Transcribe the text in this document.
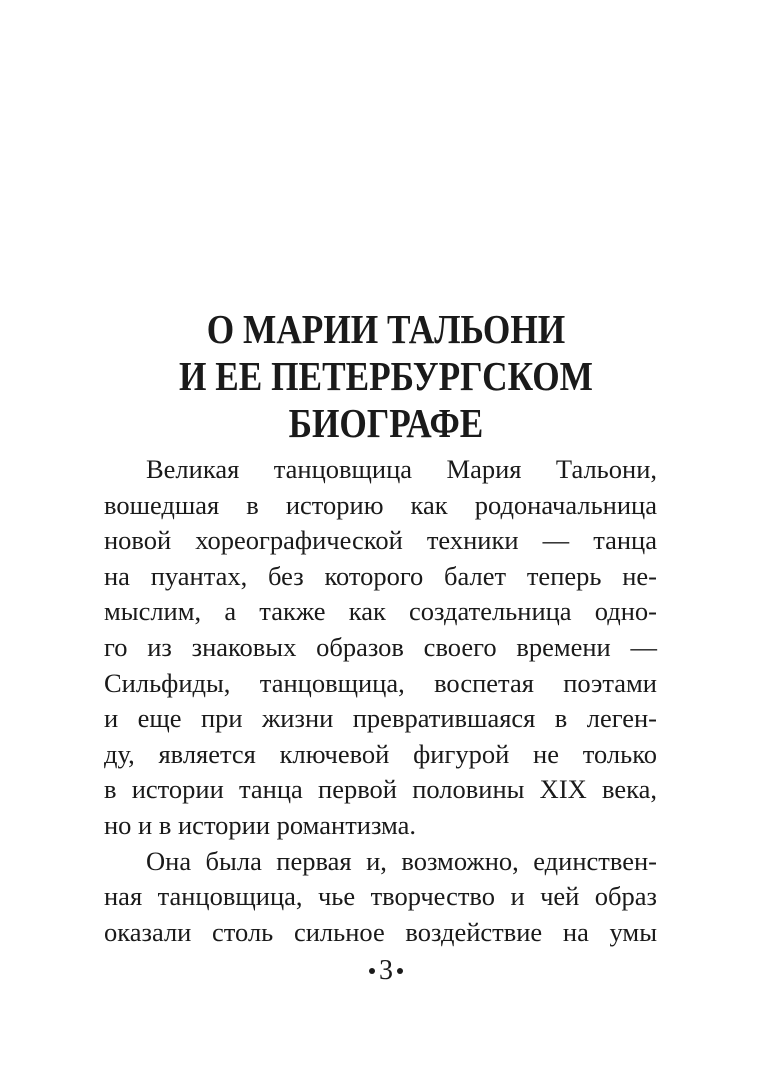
О МАРИИ ТАЛЬОНИ
И ЕЕ ПЕТЕРБУРГСКОМ
БИОГРАФЕ
Великая танцовщица Мария Тальони,
вошедшая в историю как родоначальница
новой хореографической техники — танца
на пуантах, без которого балет теперь не-
мыслим, а также как создательница одно-
го из знаковых образов своего времени —
Сильфиды, танцовщица, воспетая поэтами
и еще при жизни превратившаяся в леген-
ду, является ключевой фигурой не только
в истории танца первой половины XIX века,
но и в истории романтизма.
Она была первая и, возможно, единствен-
ная танцовщица, чье творчество и чей образ
оказали столь сильное воздействие на умы
3
